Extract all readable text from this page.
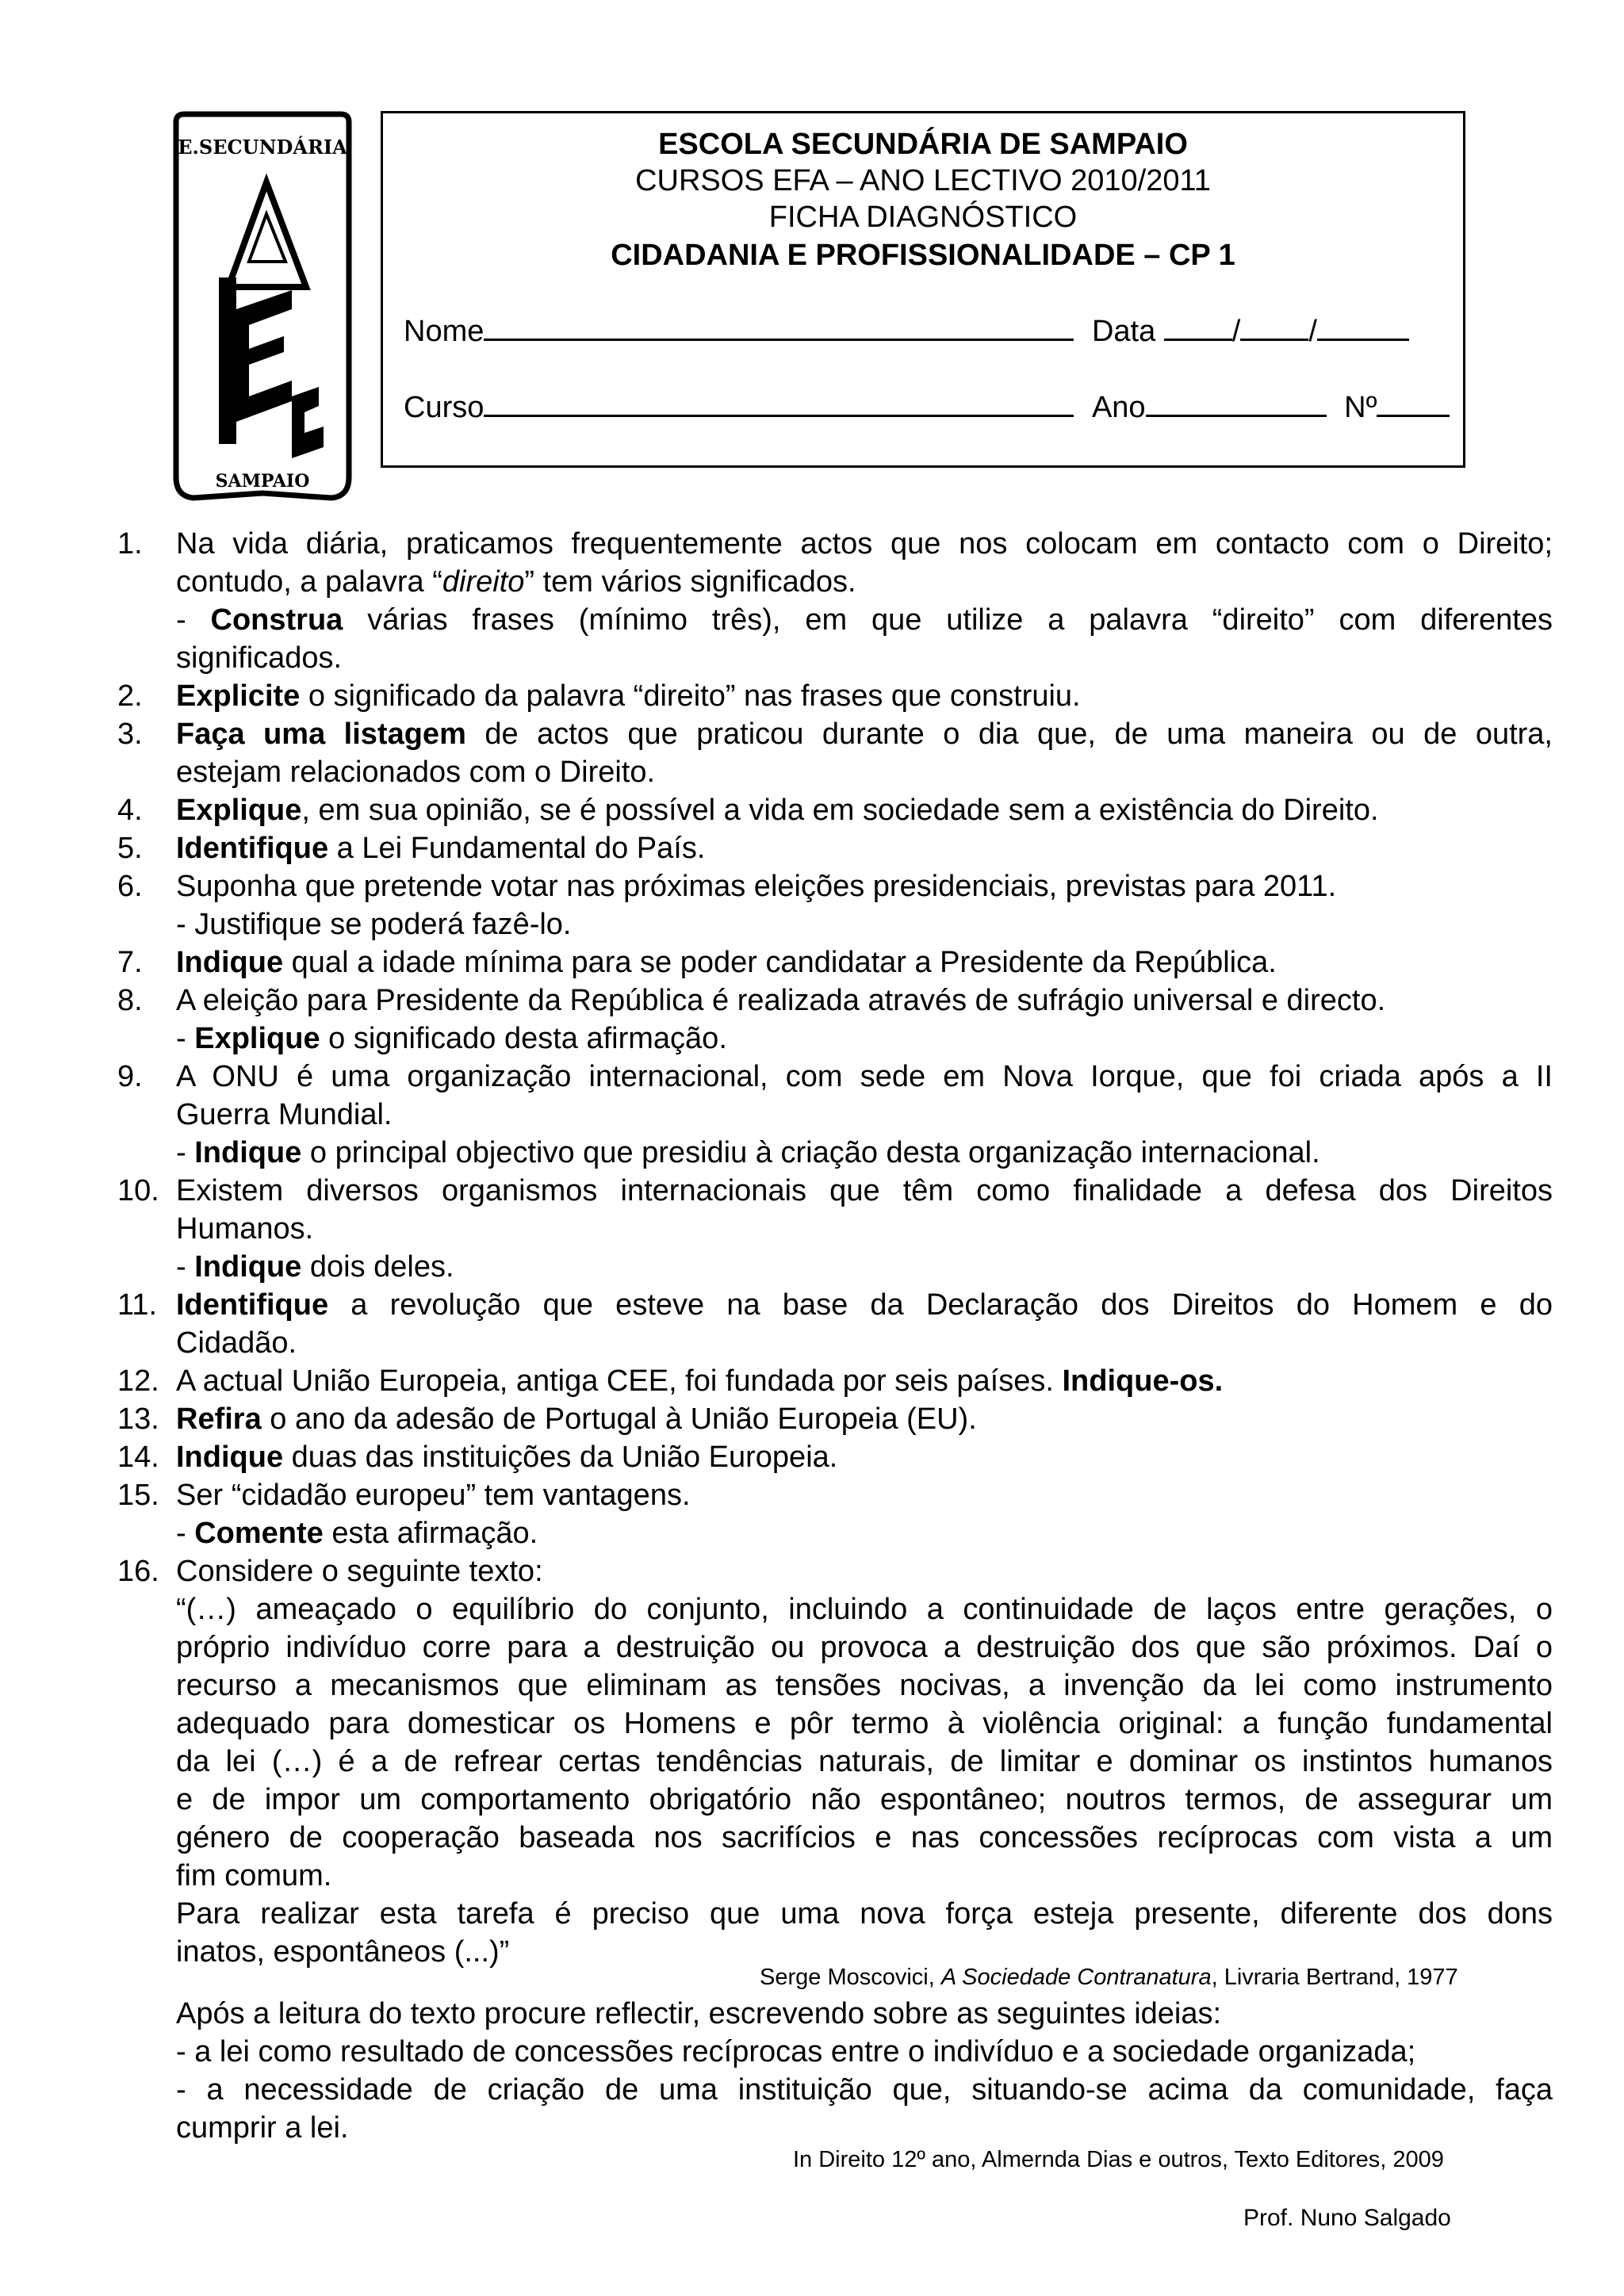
E.SECUNDÁRIA
SAMPAIO
ESCOLA SECUNDÁRIA DE SAMPAIO
CURSOS EFA – ANO LECTIVO 2010/2011
FICHA DIAGNÓSTICO
CIDADANIA E PROFISSIONALIDADE – CP 1
Nome	Data	/ /
Curso	Ano	Nº
1. Na vida diária, praticamos frequentemente actos que nos colocam em contacto com o Direito;
contudo, a palavra “direito” tem vários significados.
- Construa várias frases (mínimo três), em que utilize a palavra “direito” com diferentes
significados.
2. Explicite o significado da palavra “direito” nas frases que construiu.
3. Faça uma listagem de actos que praticou durante o dia que, de uma maneira ou de outra,
estejam relacionados com o Direito.
4. Explique, em sua opinião, se é possível a vida em sociedade sem a existência do Direito.
5. Identifique a Lei Fundamental do País.
6. Suponha que pretende votar nas próximas eleições presidenciais, previstas para 2011.
- Justifique se poderá fazê-lo.
7. Indique qual a idade mínima para se poder candidatar a Presidente da República.
8. A eleição para Presidente da República é realizada através de sufrágio universal e directo.
- Explique o significado desta afirmação.
9. A ONU é uma organização internacional, com sede em Nova Iorque, que foi criada após a II
Guerra Mundial.
- Indique o principal objectivo que presidiu à criação desta organização internacional.
10. Existem diversos organismos internacionais que têm como finalidade a defesa dos Direitos
Humanos.
- Indique dois deles.
11. Identifique a revolução que esteve na base da Declaração dos Direitos do Homem e do
Cidadão.
12. A actual União Europeia, antiga CEE, foi fundada por seis países. Indique-os.
13. Refira o ano da adesão de Portugal à União Europeia (EU).
14. Indique duas das instituições da União Europeia.
15. Ser “cidadão europeu” tem vantagens.
- Comente esta afirmação.
16. Considere o seguinte texto:
“(…) ameaçado o equilíbrio do conjunto, incluindo a continuidade de laços entre gerações, o
próprio indivíduo corre para a destruição ou provoca a destruição dos que são próximos. Daí o
recurso a mecanismos que eliminam as tensões nocivas, a invenção da lei como instrumento
adequado para domesticar os Homens e pôr termo à violência original: a função fundamental
da lei (…) é a de refrear certas tendências naturais, de limitar e dominar os instintos humanos
e de impor um comportamento obrigatório não espontâneo; noutros termos, de assegurar um
género de cooperação baseada nos sacrifícios e nas concessões recíprocas com vista a um
fim comum.
Para realizar esta tarefa é preciso que uma nova força esteja presente, diferente dos dons
inatos, espontâneos (...)”
Serge Moscovici, A Sociedade Contranatura, Livraria Bertrand, 1977
Após a leitura do texto procure reflectir, escrevendo sobre as seguintes ideias:
- a lei como resultado de concessões recíprocas entre o indivíduo e a sociedade organizada;
- a necessidade de criação de uma instituição que, situando-se acima da comunidade, faça
cumprir a lei.
In Direito 12º ano, Almernda Dias e outros, Texto Editores, 2009
Prof. Nuno Salgado
